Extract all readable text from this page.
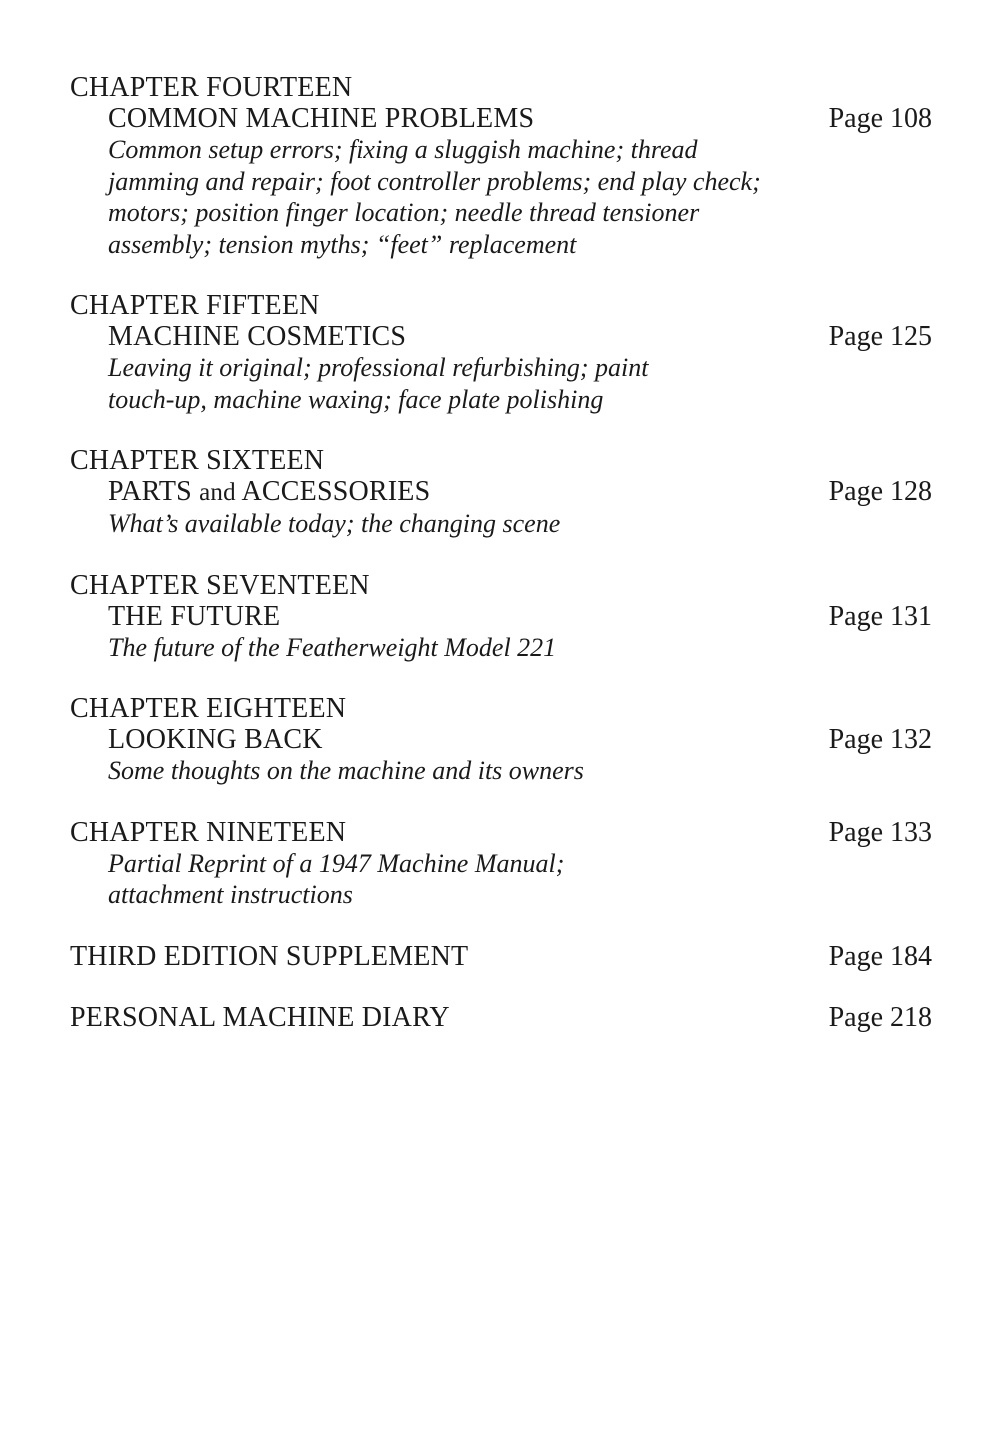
CHAPTER FOURTEEN
COMMON MACHINE PROBLEMS	Page 108
Common setup errors; fixing a sluggish machine; thread
jamming and repair; foot controller problems; end play check;
motors; position finger location; needle thread tensioner
assembly; tension myths; “feet” replacement
CHAPTER FIFTEEN
MACHINE COSMETICS	Page 125
Leaving it original; professional refurbishing; paint
touch-up, machine waxing; face plate polishing
CHAPTER SIXTEEN
PARTS and ACCESSORIES	Page 128
What’s available today; the changing scene
CHAPTER SEVENTEEN
THE FUTURE	Page 131
The future of the Featherweight Model 221
CHAPTER EIGHTEEN
LOOKING BACK	Page 132
Some thoughts on the machine and its owners
CHAPTER NINETEEN	Page 133
Partial Reprint of a 1947 Machine Manual;
attachment instructions
THIRD EDITION SUPPLEMENT	Page 184
PERSONAL MACHINE DIARY	Page 218
